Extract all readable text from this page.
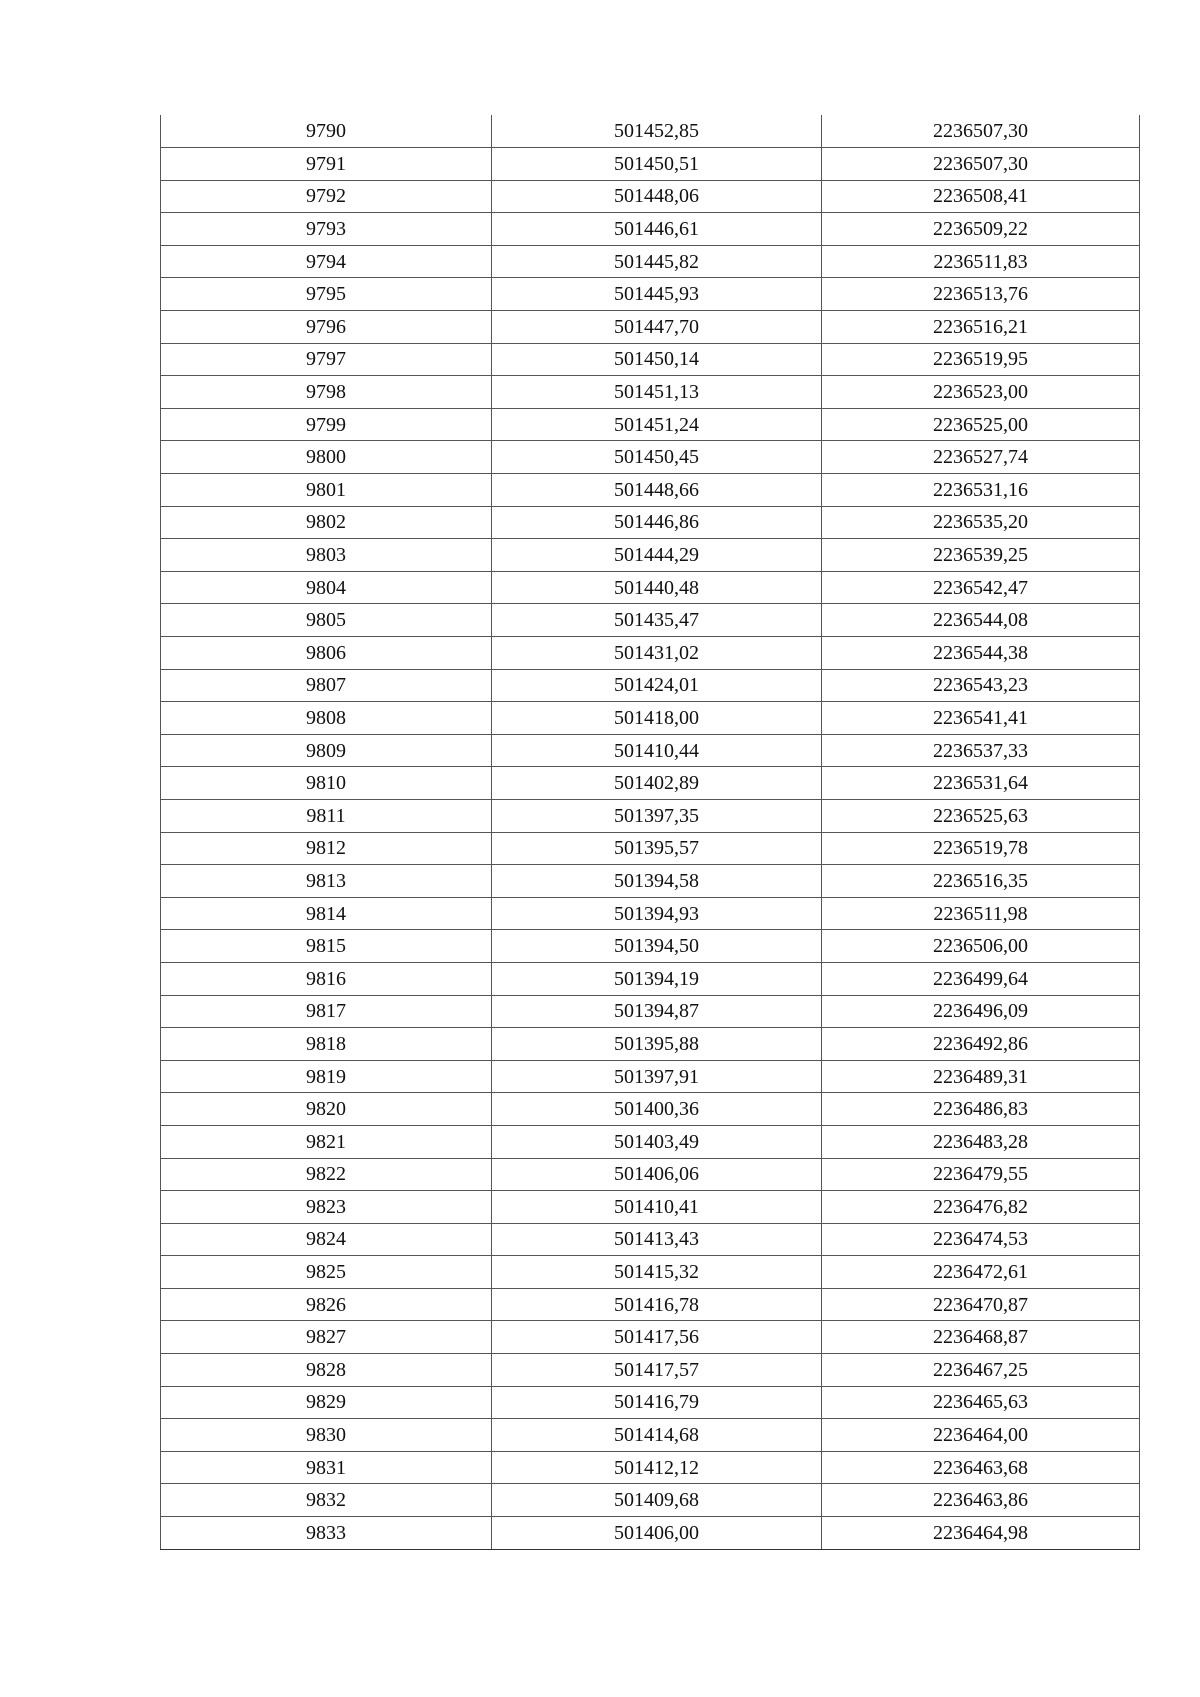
9790	501452,85	2236507,30
9791	501450,51	2236507,30
9792	501448,06	2236508,41
9793	501446,61	2236509,22
9794	501445,82	2236511,83
9795	501445,93	2236513,76
9796	501447,70	2236516,21
9797	501450,14	2236519,95
9798	501451,13	2236523,00
9799	501451,24	2236525,00
9800	501450,45	2236527,74
9801	501448,66	2236531,16
9802	501446,86	2236535,20
9803	501444,29	2236539,25
9804	501440,48	2236542,47
9805	501435,47	2236544,08
9806	501431,02	2236544,38
9807	501424,01	2236543,23
9808	501418,00	2236541,41
9809	501410,44	2236537,33
9810	501402,89	2236531,64
9811	501397,35	2236525,63
9812	501395,57	2236519,78
9813	501394,58	2236516,35
9814	501394,93	2236511,98
9815	501394,50	2236506,00
9816	501394,19	2236499,64
9817	501394,87	2236496,09
9818	501395,88	2236492,86
9819	501397,91	2236489,31
9820	501400,36	2236486,83
9821	501403,49	2236483,28
9822	501406,06	2236479,55
9823	501410,41	2236476,82
9824	501413,43	2236474,53
9825	501415,32	2236472,61
9826	501416,78	2236470,87
9827	501417,56	2236468,87
9828	501417,57	2236467,25
9829	501416,79	2236465,63
9830	501414,68	2236464,00
9831	501412,12	2236463,68
9832	501409,68	2236463,86
9833	501406,00	2236464,98
